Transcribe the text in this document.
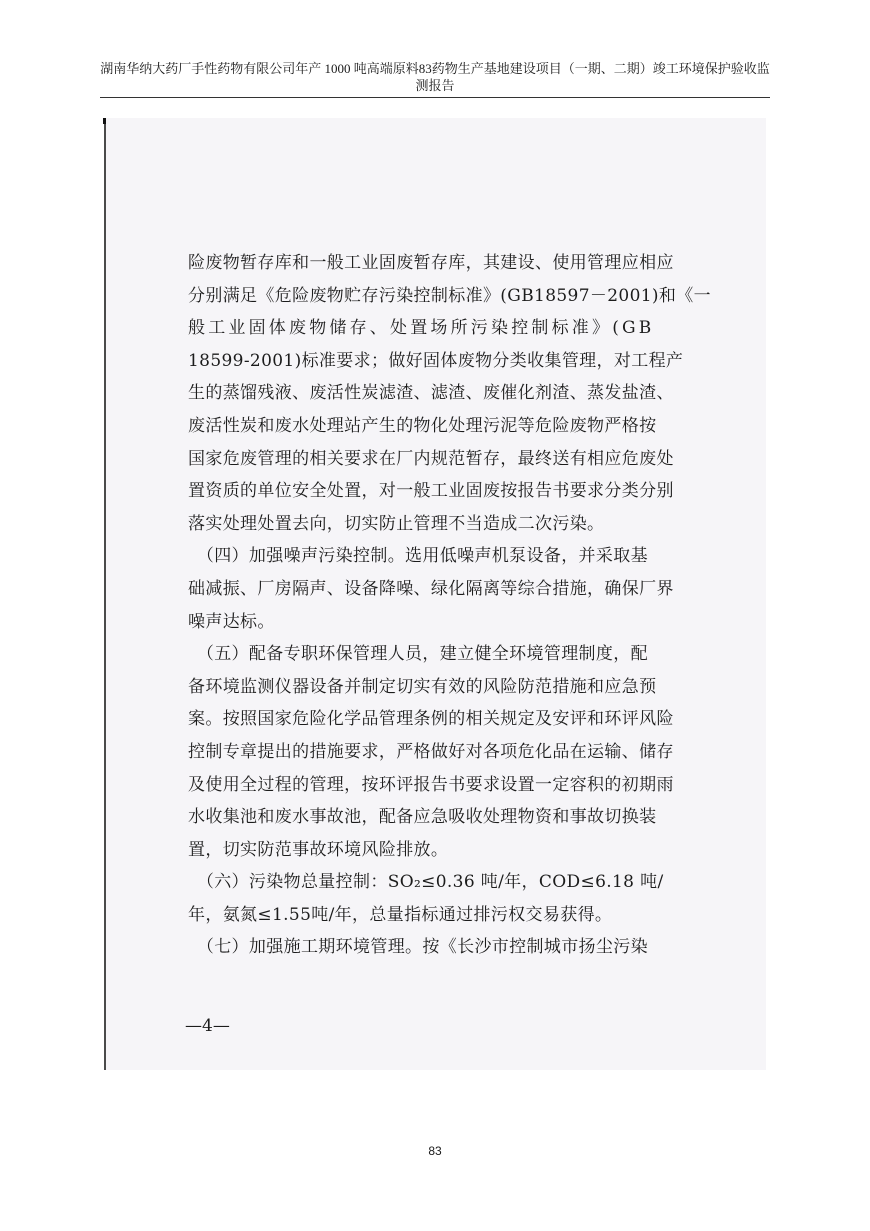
湖南华纳大药厂手性药物有限公司年产 1000 吨高端原料83药物生产基地建设项目（一期、二期）竣工环境保护验收监
测报告
险废物暂存库和一般工业固废暂存库，其建设、使用管理应相应
分别满足《危险废物贮存污染控制标准》(GB18597－2001)和《一
般工业固体废物储存、处置场所污染控制标准》(GB
18599-2001)标准要求；做好固体废物分类收集管理，对工程产
生的蒸馏残液、废活性炭滤渣、滤渣、废催化剂渣、蒸发盐渣、
废活性炭和废水处理站产生的物化处理污泥等危险废物严格按
国家危废管理的相关要求在厂内规范暂存，最终送有相应危废处
置资质的单位安全处置，对一般工业固废按报告书要求分类分别
落实处理处置去向，切实防止管理不当造成二次污染。
　（四）加强噪声污染控制。选用低噪声机泵设备，并采取基
础减振、厂房隔声、设备降噪、绿化隔离等综合措施，确保厂界
噪声达标。
　（五）配备专职环保管理人员，建立健全环境管理制度，配
备环境监测仪器设备并制定切实有效的风险防范措施和应急预
案。按照国家危险化学品管理条例的相关规定及安评和环评风险
控制专章提出的措施要求，严格做好对各项危化品在运输、储存
及使用全过程的管理，按环评报告书要求设置一定容积的初期雨
水收集池和废水事故池，配备应急吸收处理物资和事故切换装
置，切实防范事故环境风险排放。
　（六）污染物总量控制：SO₂≤0.36 吨/年，COD≤6.18 吨/
年，氨氮≤1.55吨/年，总量指标通过排污权交易获得。
　（七）加强施工期环境管理。按《长沙市控制城市扬尘污染
—4—
83
